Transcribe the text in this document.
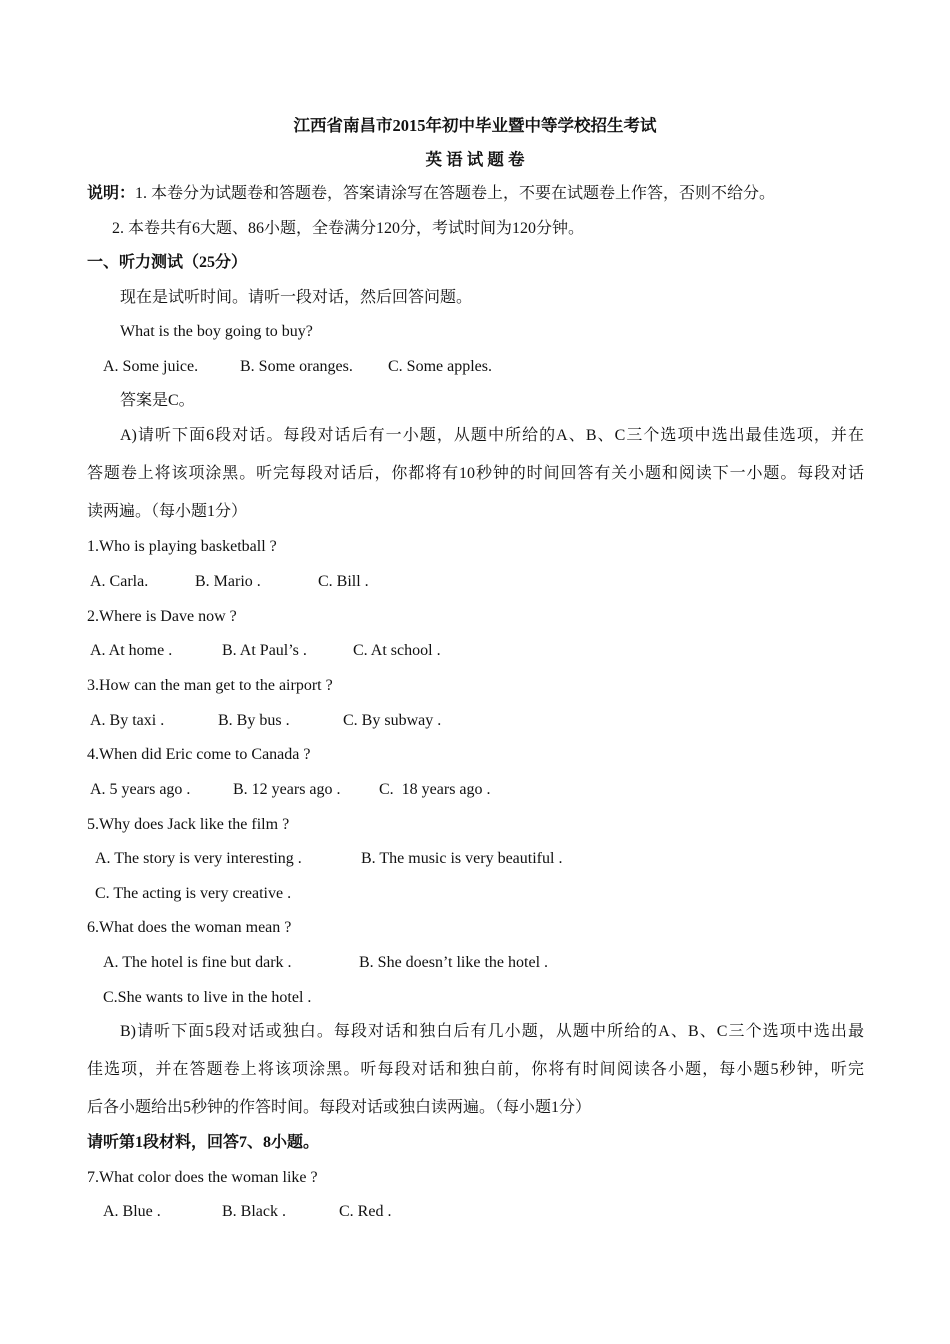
江西省南昌市2015年初中毕业暨中等学校招生考试
英 语 试 题 卷
说明：1. 本卷分为试题卷和答题卷，答案请涂写在答题卷上，不要在试题卷上作答，否则不给分。
2. 本卷共有6大题、86小题，全卷满分120分，考试时间为120分钟。
一、听力测试（25分）
现在是试听时间。请听一段对话，然后回答问题。
What is the boy going to buy?
A. Some juice.	B. Some oranges. C. Some apples.
答案是C。
A)请听下面6段对话。每段对话后有一小题，从题中所给的A、B、C三个选项中选出最佳选项，并在
答题卷上将该项涂黑。听完每段对话后，你都将有10秒钟的时间回答有关小题和阅读下一小题。每段对话
读两遍。（每小题1分）
1.Who is playing basketball ?
A. Carla.	B. Mario .	C. Bill .
2.Where is Dave now ?
A. At home .	B. At Paul’s .	C. At school .
3.How can the man get to the airport ?
A. By taxi .	B. By bus .	C. By subway .
4.When did Eric come to Canada ?
A. 5 years ago .	B. 12 years ago . C.  18 years ago .
5.Why does Jack like the film ?
A. The story is very interesting .	B. The music is very beautiful .
C. The acting is very creative .
6.What does the woman mean ?
A. The hotel is fine but dark .	B. She doesn’t like the hotel .
C.She wants to live in the hotel .
B)请听下面5段对话或独白。每段对话和独白后有几小题，从题中所给的A、B、C三个选项中选出最
佳选项，并在答题卷上将该项涂黑。听每段对话和独白前，你将有时间阅读各小题，每小题5秒钟，听完
后各小题给出5秒钟的作答时间。每段对话或独白读两遍。（每小题1分）
请听第1段材料，回答7、8小题。
7.What color does the woman like ?
A. Blue .	B. Black .	C. Red .
